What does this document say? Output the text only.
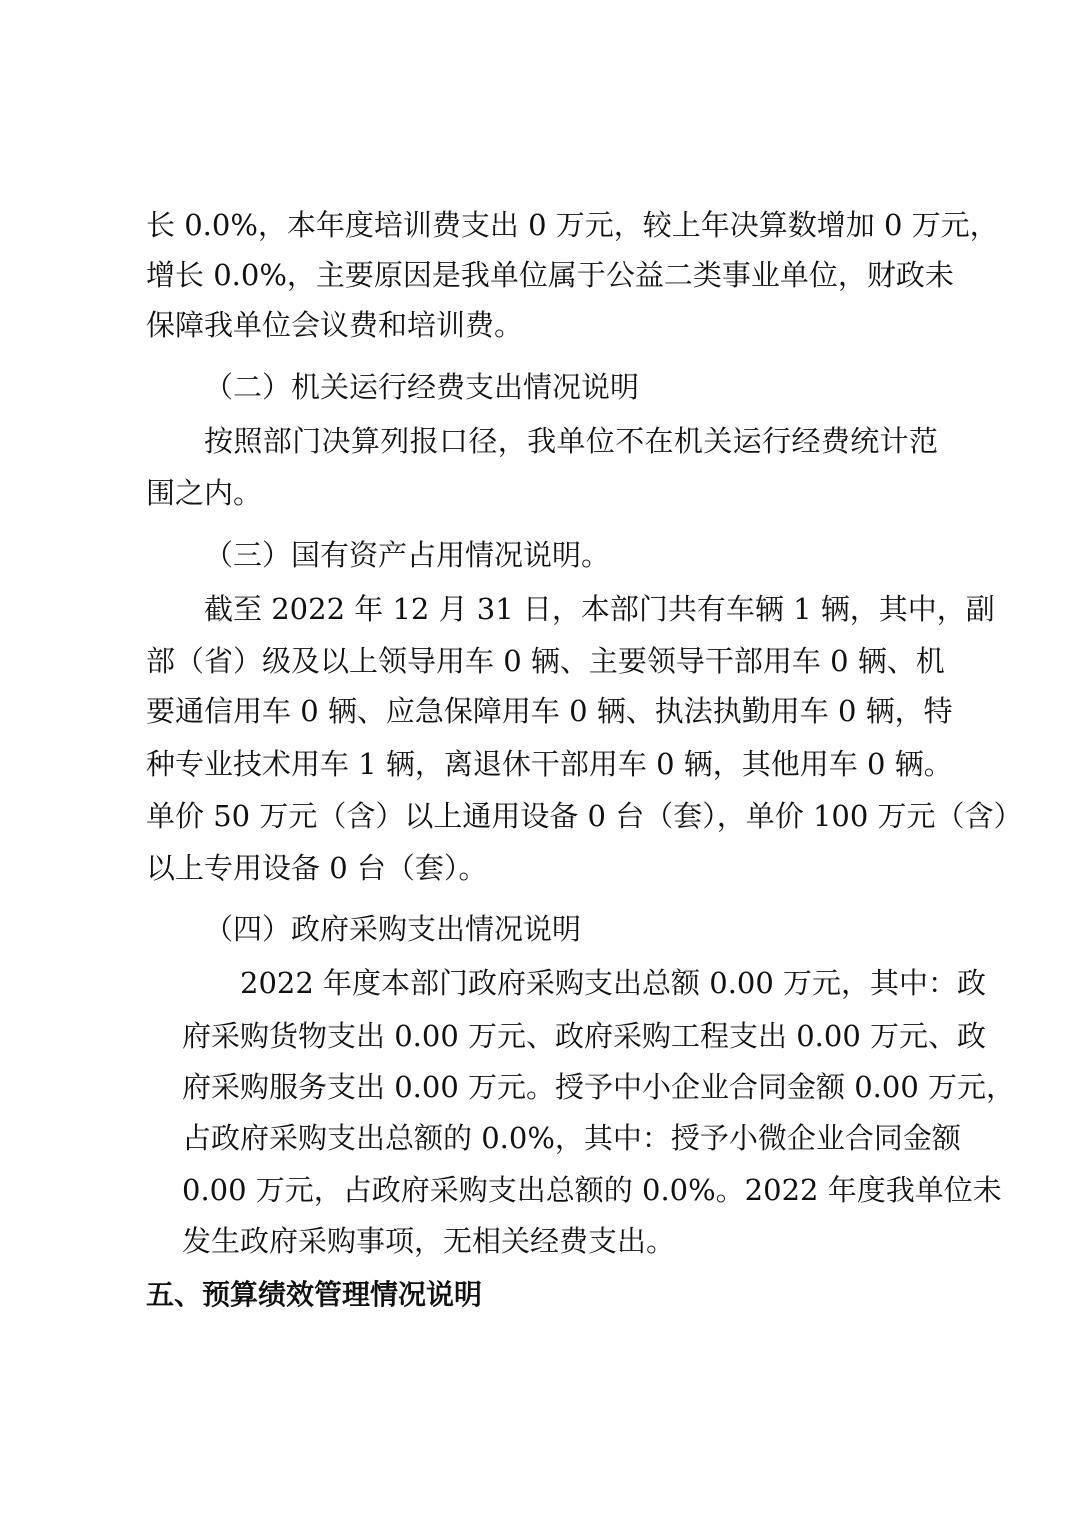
长 0.0%，本年度培训费支出 0 万元，较上年决算数增加 0 万元，
增长 0.0%，主要原因是我单位属于公益二类事业单位，财政未
保障我单位会议费和培训费。
（二）机关运行经费支出情况说明
按照部门决算列报口径，我单位不在机关运行经费统计范
围之内。
（三）国有资产占用情况说明。
截至 2022 年 12 月 31 日，本部门共有车辆 1 辆，其中，副
部（省）级及以上领导用车 0 辆、主要领导干部用车 0 辆、机
要通信用车 0 辆、应急保障用车 0 辆、执法执勤用车 0 辆，特
种专业技术用车 1 辆，离退休干部用车 0 辆，其他用车 0 辆。
单价 50 万元（含）以上通用设备 0 台（套），单价 100 万元（含）
以上专用设备 0 台（套）。
（四）政府采购支出情况说明
2022 年度本部门政府采购支出总额 0.00 万元，其中：政
府采购货物支出 0.00 万元、政府采购工程支出 0.00 万元、政
府采购服务支出 0.00 万元。授予中小企业合同金额 0.00 万元，
占政府采购支出总额的 0.0%，其中：授予小微企业合同金额
0.00 万元，占政府采购支出总额的 0.0%。2022 年度我单位未
发生政府采购事项，无相关经费支出。
五、预算绩效管理情况说明
